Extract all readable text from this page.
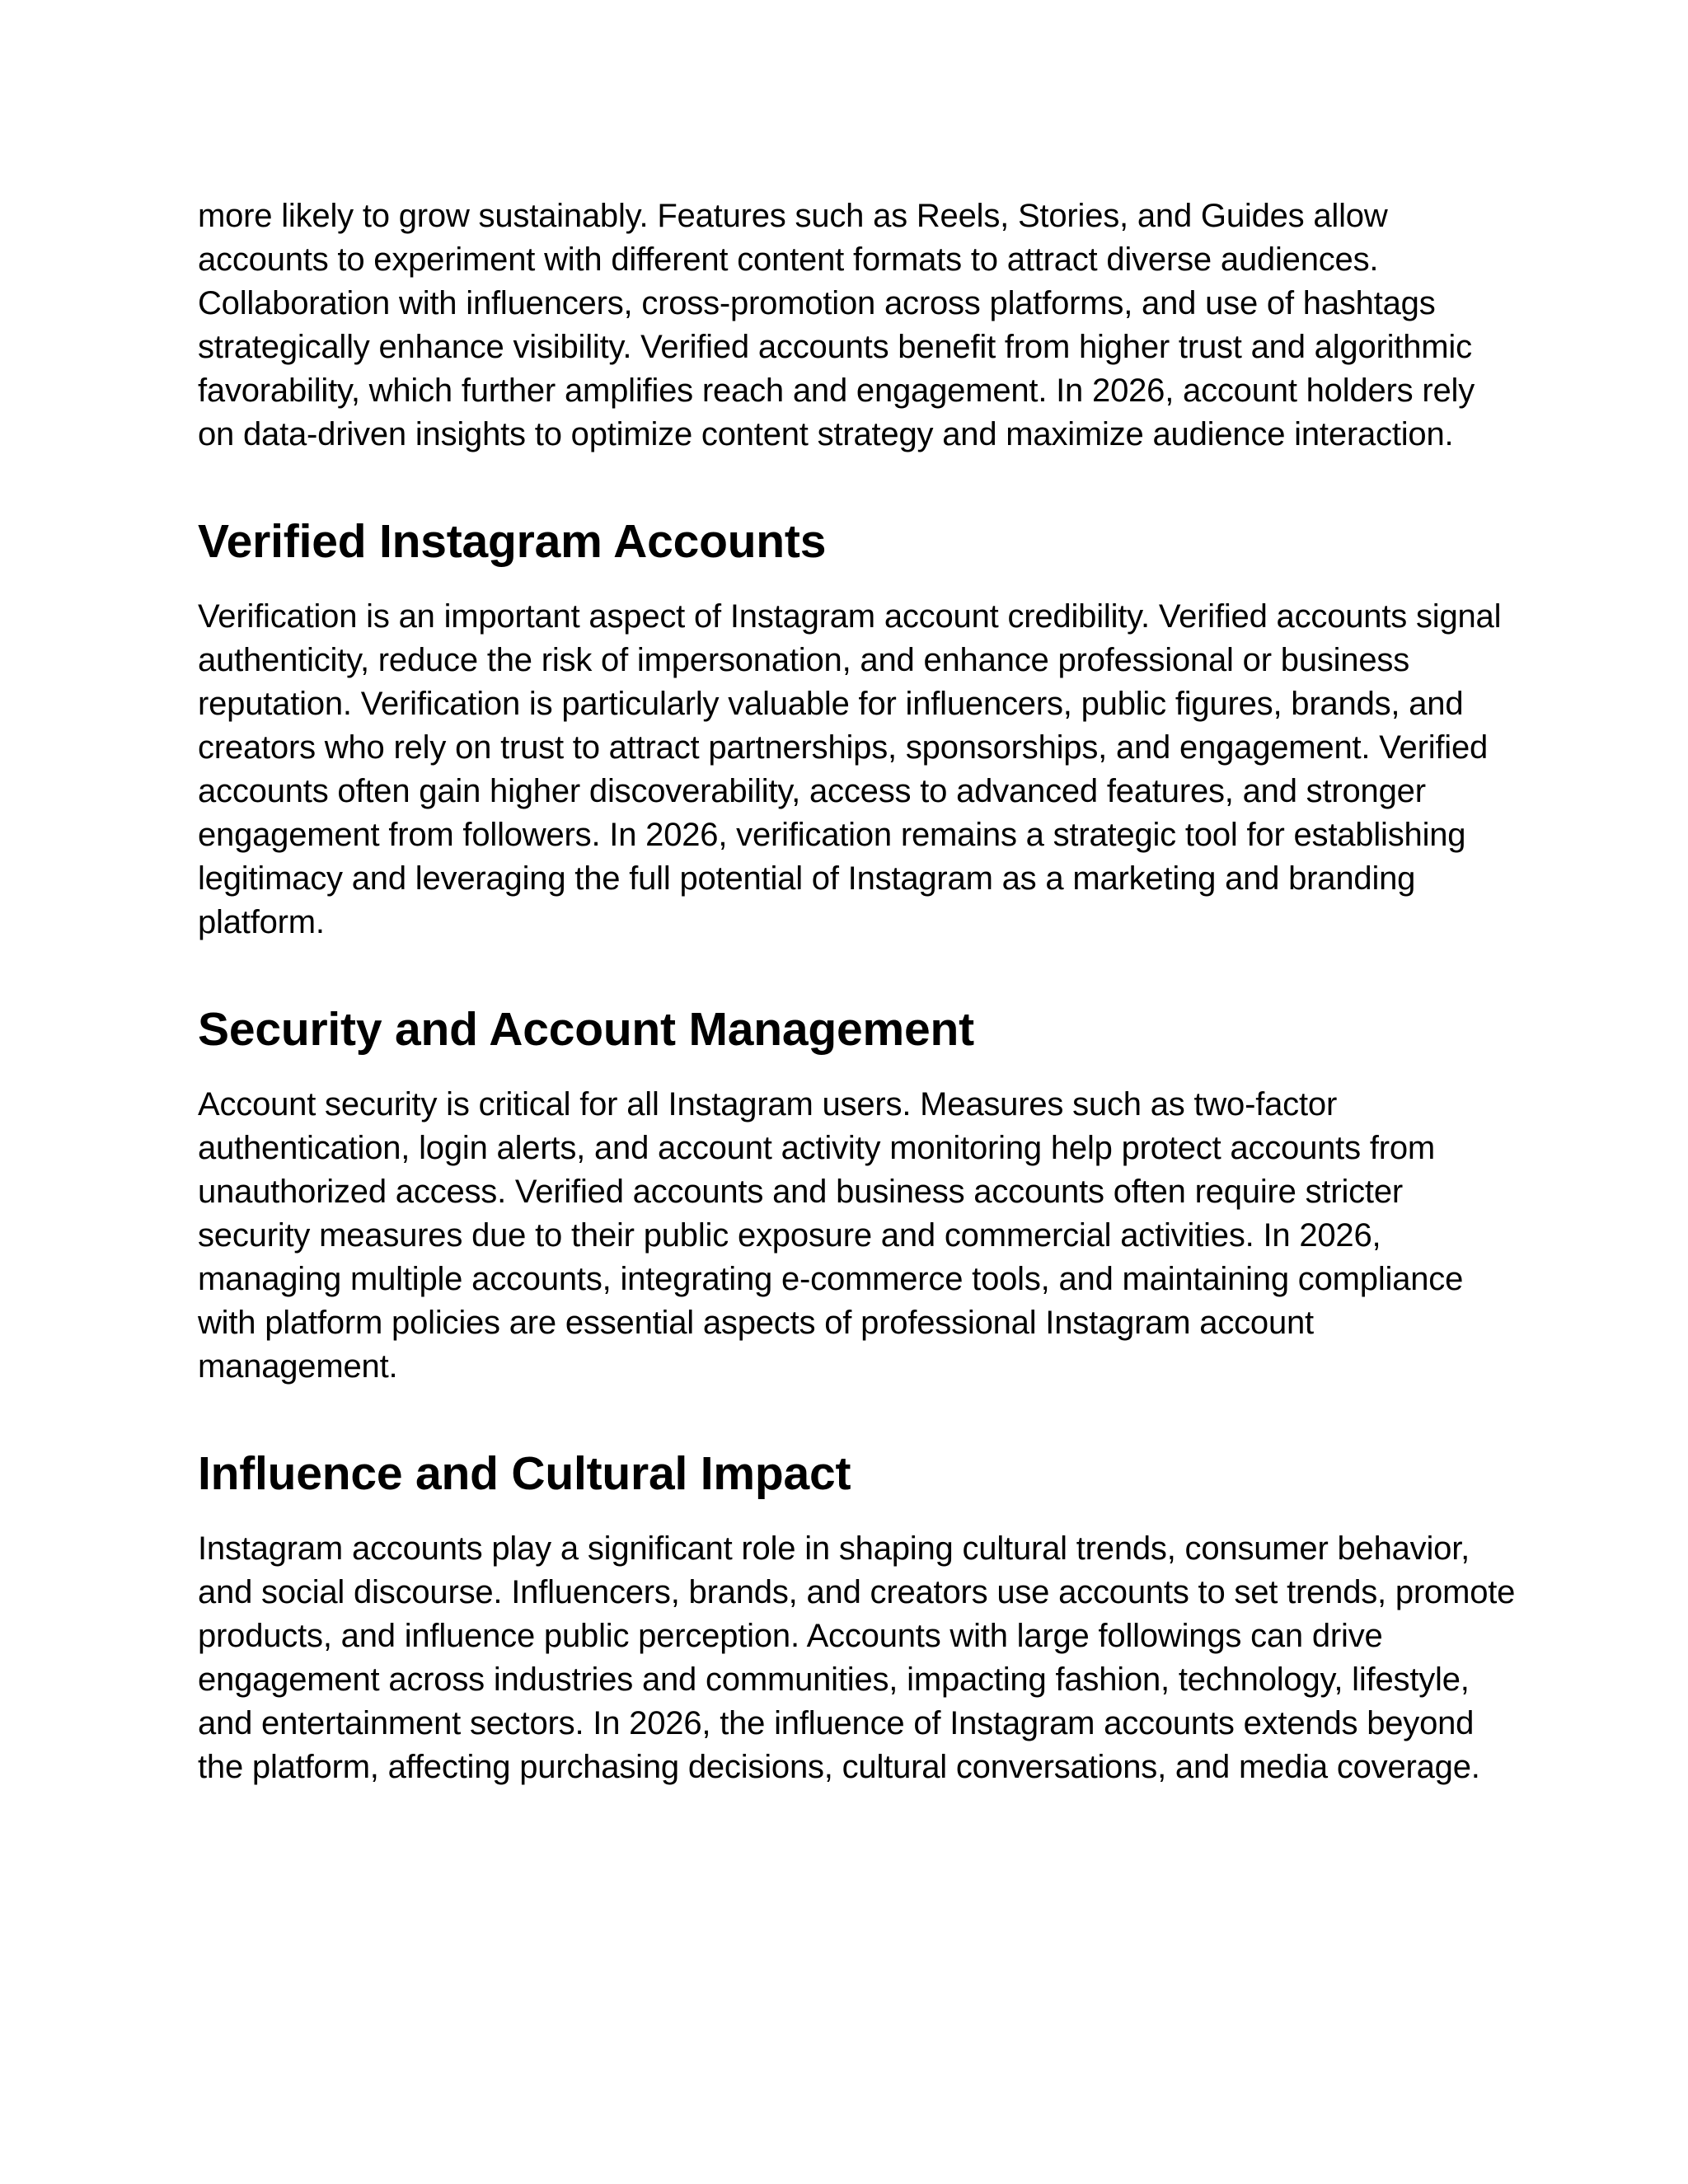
more likely to grow sustainably. Features such as Reels, Stories, and Guides allow accounts to experiment with different content formats to attract diverse audiences. Collaboration with influencers, cross-promotion across platforms, and use of hashtags strategically enhance visibility. Verified accounts benefit from higher trust and algorithmic favorability, which further amplifies reach and engagement. In 2026, account holders rely on data-driven insights to optimize content strategy and maximize audience interaction.

Verified Instagram Accounts

Verification is an important aspect of Instagram account credibility. Verified accounts signal authenticity, reduce the risk of impersonation, and enhance professional or business reputation. Verification is particularly valuable for influencers, public figures, brands, and creators who rely on trust to attract partnerships, sponsorships, and engagement. Verified accounts often gain higher discoverability, access to advanced features, and stronger engagement from followers. In 2026, verification remains a strategic tool for establishing legitimacy and leveraging the full potential of Instagram as a marketing and branding platform.

Security and Account Management

Account security is critical for all Instagram users. Measures such as two-factor authentication, login alerts, and account activity monitoring help protect accounts from unauthorized access. Verified accounts and business accounts often require stricter security measures due to their public exposure and commercial activities. In 2026, managing multiple accounts, integrating e-commerce tools, and maintaining compliance with platform policies are essential aspects of professional Instagram account management.

Influence and Cultural Impact

Instagram accounts play a significant role in shaping cultural trends, consumer behavior, and social discourse. Influencers, brands, and creators use accounts to set trends, promote products, and influence public perception. Accounts with large followings can drive engagement across industries and communities, impacting fashion, technology, lifestyle, and entertainment sectors. In 2026, the influence of Instagram accounts extends beyond the platform, affecting purchasing decisions, cultural conversations, and media coverage.
